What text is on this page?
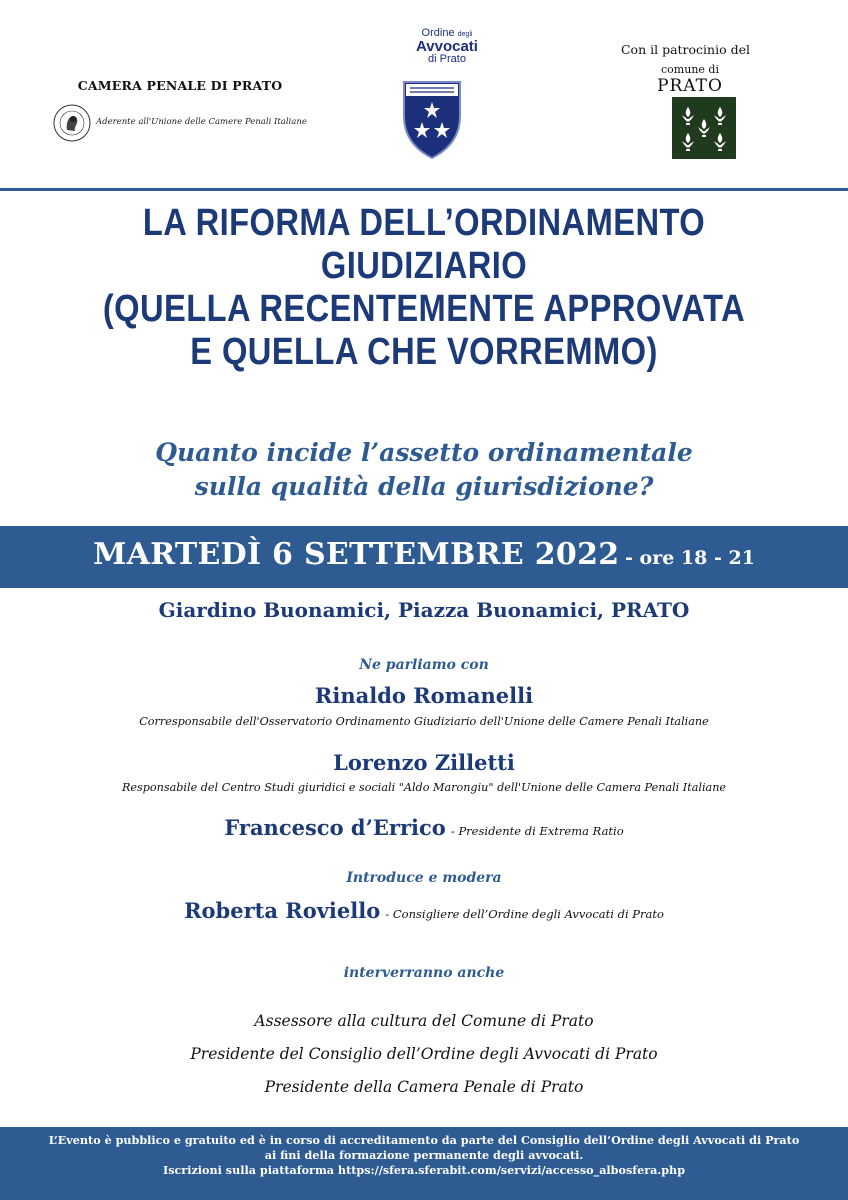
CAMERA PENALE DI PRATO
Aderente all'Unione delle Camere Penali Italiane
Ordine degli
Avvocati
di Prato
Con il patrocinio del
comune di
PRATO
LA RIFORMA DELL’ORDINAMENTO
GIUDIZIARIO
(QUELLA RECENTEMENTE APPROVATA
E QUELLA CHE VORREMMO)
Quanto incide l’assetto ordinamentale
sulla qualità della giurisdizione?
MARTEDÌ 6 SETTEMBRE 2022 - ore 18 - 21
Giardino Buonamici, Piazza Buonamici, PRATO
Ne parliamo con
Rinaldo Romanelli
Corresponsabile dell'Osservatorio Ordinamento Giudiziario dell'Unione delle Camere Penali Italiane
Lorenzo Zilletti
Responsabile del Centro Studi giuridici e sociali "Aldo Marongiu" dell'Unione delle Camera Penali Italiane
Francesco d’Errico - Presidente di Extrema Ratio
Introduce e modera
Roberta Roviello - Consigliere dell’Ordine degli Avvocati di Prato
interverranno anche
Assessore alla cultura del Comune di Prato
Presidente del Consiglio dell’Ordine degli Avvocati di Prato
Presidente della Camera Penale di Prato
L’Evento è pubblico e gratuito ed è in corso di accreditamento da parte del Consiglio dell’Ordine degli Avvocati di Prato
ai fini della formazione permanente degli avvocati.
Iscrizioni sulla piattaforma https://sfera.sferabit.com/servizi/accesso_albosfera.php
